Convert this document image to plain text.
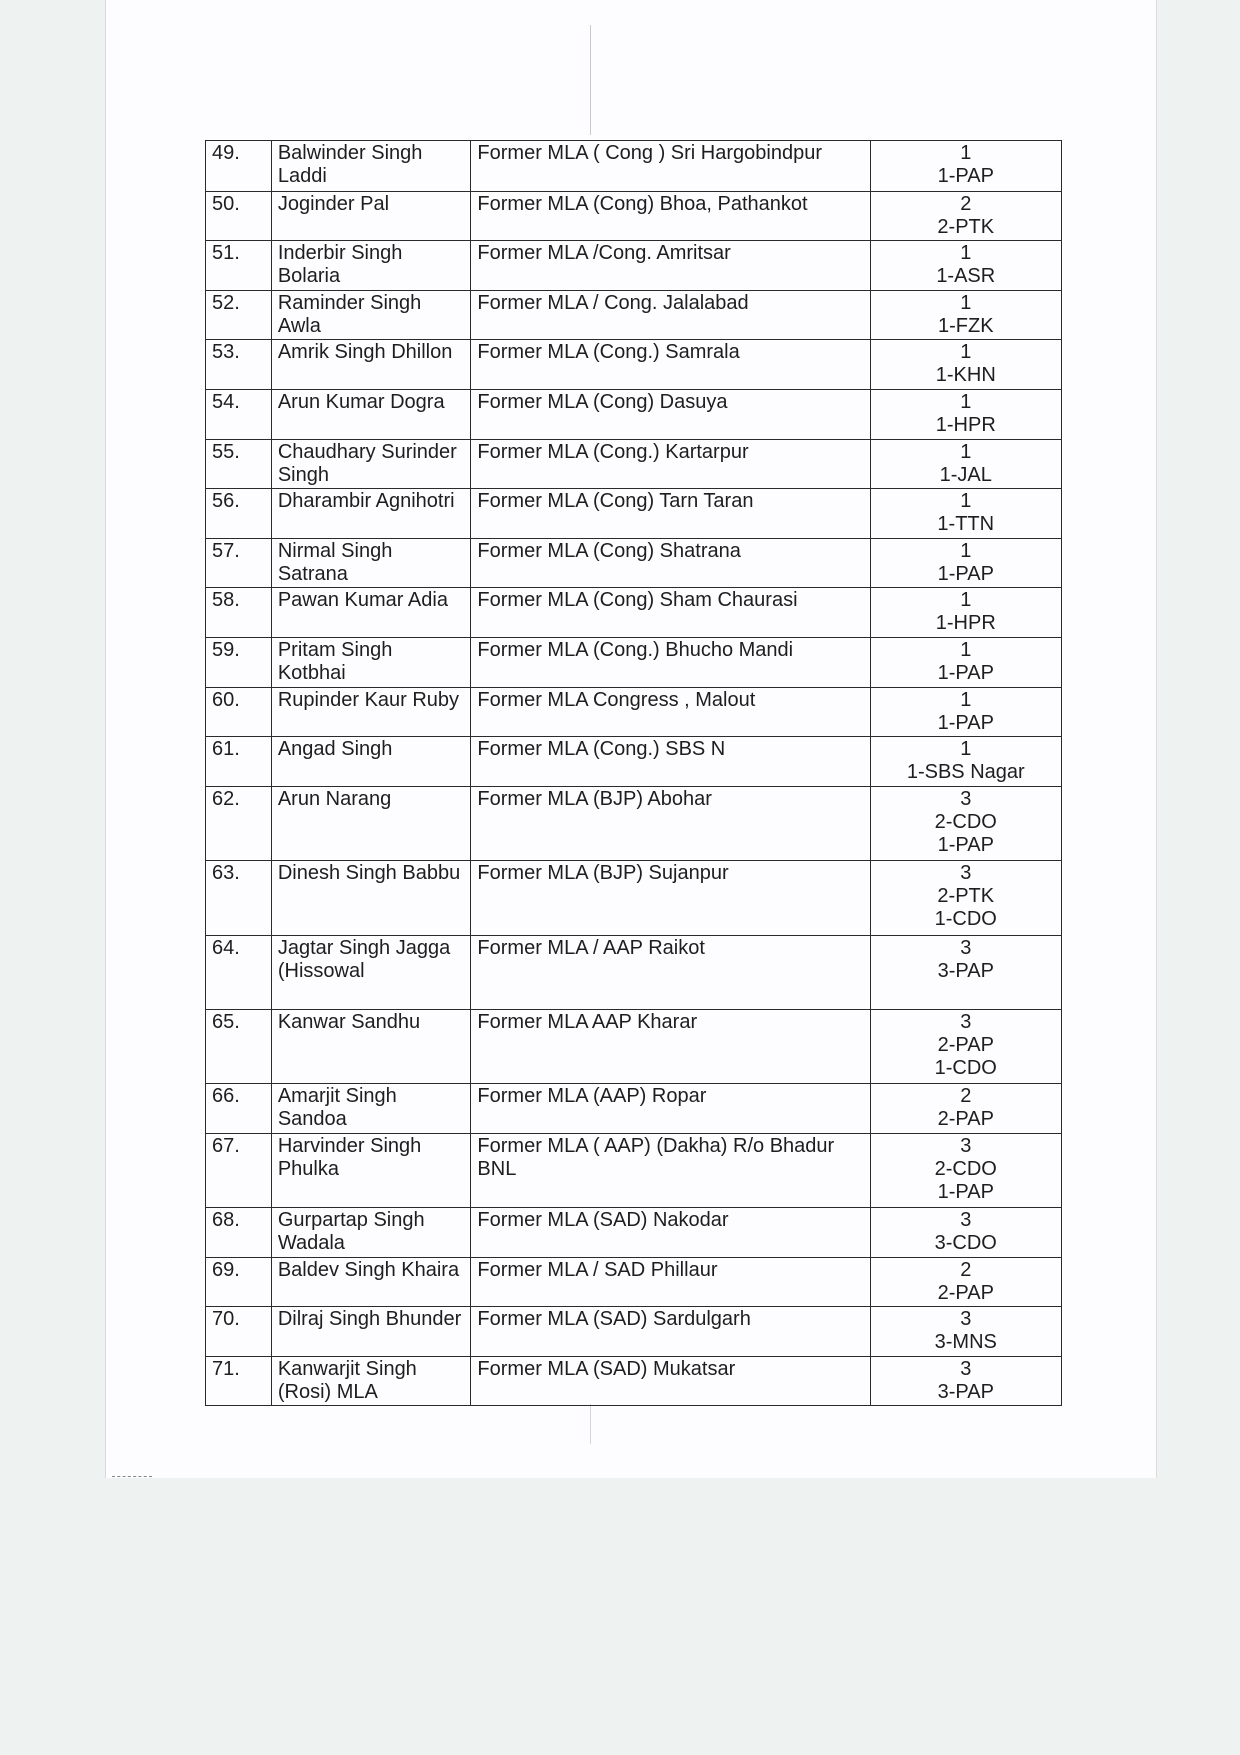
49.	Balwinder Singh Laddi	Former MLA ( Cong ) Sri Hargobindpur	1
1-PAP

50.	Joginder Pal	Former MLA (Cong) Bhoa, Pathankot	2
2-PTK

51.	Inderbir Singh Bolaria	Former MLA /Cong. Amritsar	1
1-ASR

52.	Raminder Singh Awla	Former MLA / Cong. Jalalabad	1
1-FZK

53.	Amrik Singh Dhillon	Former MLA (Cong.) Samrala	1
1-KHN

54.	Arun Kumar Dogra	Former MLA (Cong) Dasuya	1
1-HPR

55.	Chaudhary Surinder Singh	Former MLA (Cong.) Kartarpur	1
1-JAL

56.	Dharambir Agnihotri	Former MLA (Cong) Tarn Taran	1
1-TTN

57.	Nirmal Singh Satrana	Former MLA (Cong) Shatrana	1
1-PAP

58.	Pawan Kumar Adia	Former MLA (Cong) Sham Chaurasi	1
1-HPR

59.	Pritam Singh Kotbhai	Former MLA (Cong.) Bhucho Mandi	1
1-PAP

60.	Rupinder Kaur Ruby	Former MLA Congress , Malout	1
1-PAP

61.	Angad Singh	Former MLA (Cong.) SBS N	1
1-SBS Nagar

62.	Arun Narang	Former MLA (BJP) Abohar	3
2-CDO
1-PAP

63.	Dinesh Singh Babbu	Former MLA (BJP) Sujanpur	3
2-PTK
1-CDO

64.	Jagtar Singh Jagga (Hissowal	Former MLA / AAP Raikot	3
3-PAP

65.	Kanwar Sandhu	Former MLA AAP Kharar	3
2-PAP
1-CDO

66.	Amarjit Singh Sandoa	Former MLA (AAP) Ropar	2
2-PAP

67.	Harvinder Singh Phulka	Former MLA ( AAP) (Dakha) R/o Bhadur BNL	3
2-CDO
1-PAP

68.	Gurpartap Singh Wadala	Former MLA (SAD) Nakodar	3
3-CDO

69.	Baldev Singh Khaira	Former MLA / SAD Phillaur	2
2-PAP

70.	Dilraj Singh Bhunder	Former MLA (SAD) Sardulgarh	3
3-MNS

71.	Kanwarjit Singh (Rosi) MLA	Former MLA (SAD) Mukatsar	3
3-PAP
